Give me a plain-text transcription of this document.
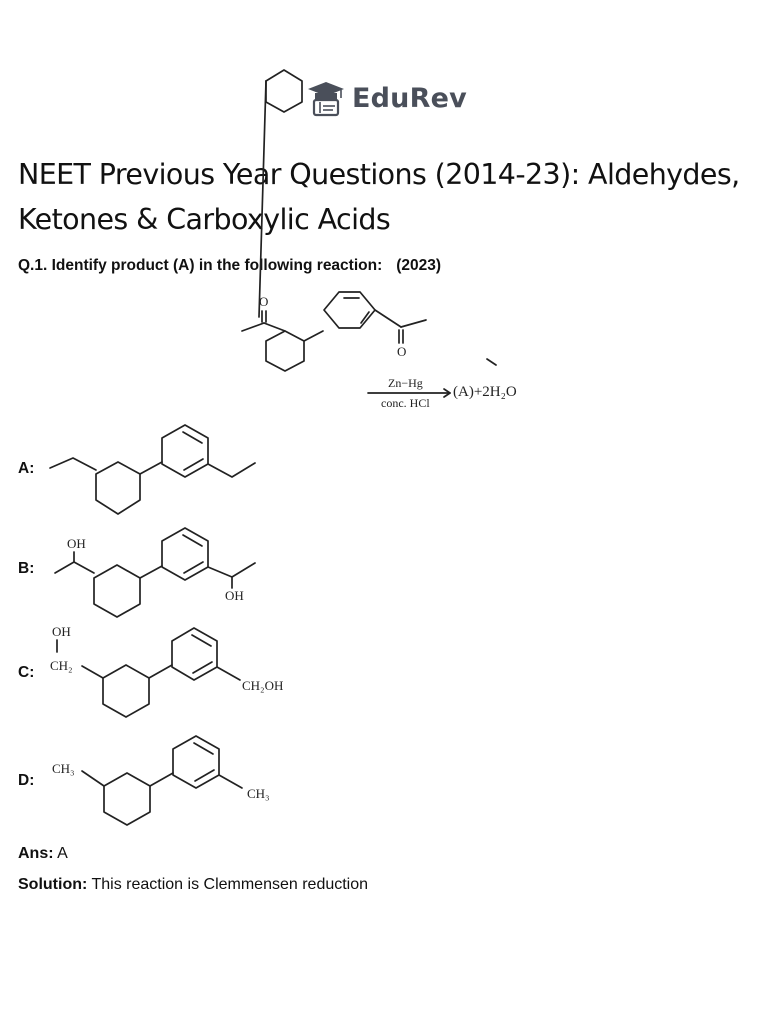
EduRev
NEET Previous Year Questions (2014-23): Aldehydes, Ketones & Carboxylic Acids
Q.1. Identify product (A) in the following reaction: (2023)
O
O
Zn−Hg
conc. HCl
(A)+2H₂O
A:
B:
C:
D:
OH
OH
OH
CH₂
CH₂OH
CH₃
CH₃
Ans: A
Solution: This reaction is Clemmensen reduction
